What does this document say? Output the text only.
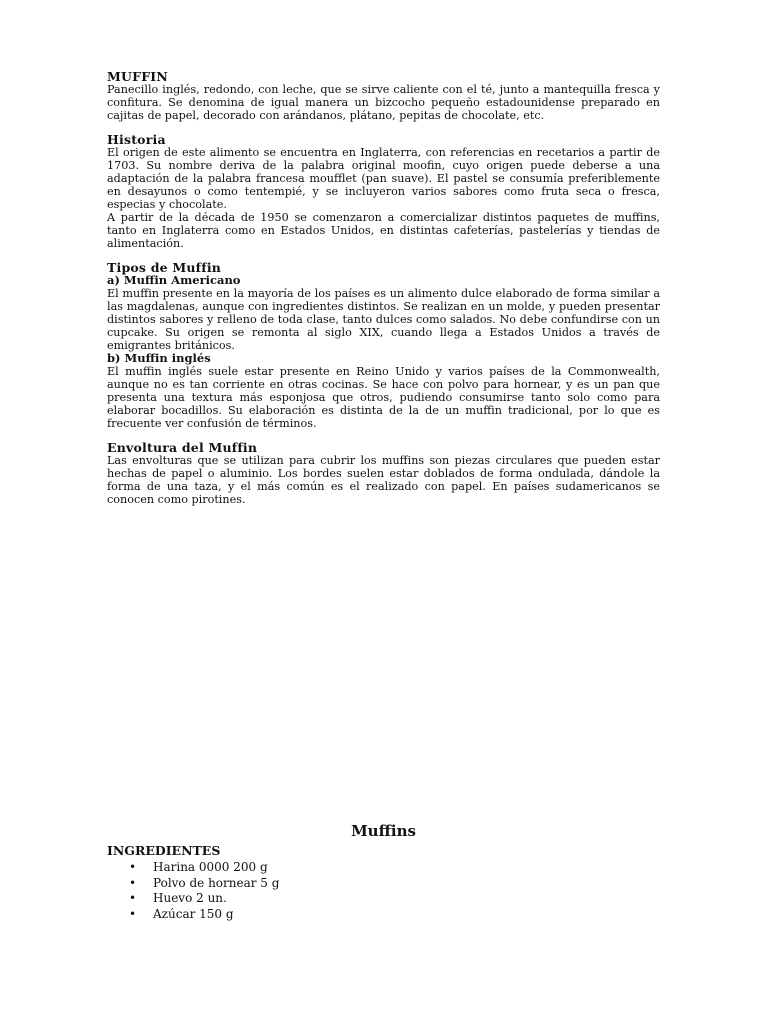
MUFFIN

Panecillo inglés, redondo, con leche, que se sirve caliente con el té, junto a mantequilla fresca y confitura. Se denomina de igual manera un bizcocho pequeño estadounidense preparado en cajitas de papel, decorado con arándanos, plátano, pepitas de chocolate, etc.

Historia

El origen de este alimento se encuentra en Inglaterra, con referencias en recetarios a partir de 1703. Su nombre deriva de la palabra original moofin, cuyo origen puede deberse a una adaptación de la palabra francesa moufflet (pan suave). El pastel se consumía preferiblemente en desayunos o como tentempié, y se incluyeron varios sabores como fruta seca o fresca, especias y chocolate.

A partir de la década de 1950 se comenzaron a comercializar distintos paquetes de muffins, tanto en Inglaterra como en Estados Unidos, en distintas cafeterías, pastelerías y tiendas de alimentación.

Tipos de Muffin
a) Muffin Americano

El muffin presente en la mayoría de los países es un alimento dulce elaborado de forma similar a las magdalenas, aunque con ingredientes distintos. Se realizan en un molde, y pueden presentar distintos sabores y relleno de toda clase, tanto dulces como salados. No debe confundirse con un cupcake. Su origen se remonta al siglo XIX, cuando llega a Estados Unidos a través de emigrantes británicos.

b) Muffin inglés

El muffin inglés suele estar presente en Reino Unido y varios países de la Commonwealth, aunque no es tan corriente en otras cocinas. Se hace con polvo para hornear, y es un pan que presenta una textura más esponjosa que otros, pudiendo consumirse tanto solo como para elaborar bocadillos. Su elaboración es distinta de la de un muffin tradicional, por lo que es frecuente ver confusión de términos.

Envoltura del Muffin

Las envolturas que se utilizan para cubrir los muffins son piezas circulares que pueden estar hechas de papel o aluminio. Los bordes suelen estar doblados de forma ondulada, dándole la forma de una taza, y el más común es el realizado con papel. En países sudamericanos se conocen como pirotines.

Muffins
INGREDIENTES
• Harina 0000 200 g
• Polvo de hornear 5 g
• Huevo 2 un.
• Azúcar 150 g
